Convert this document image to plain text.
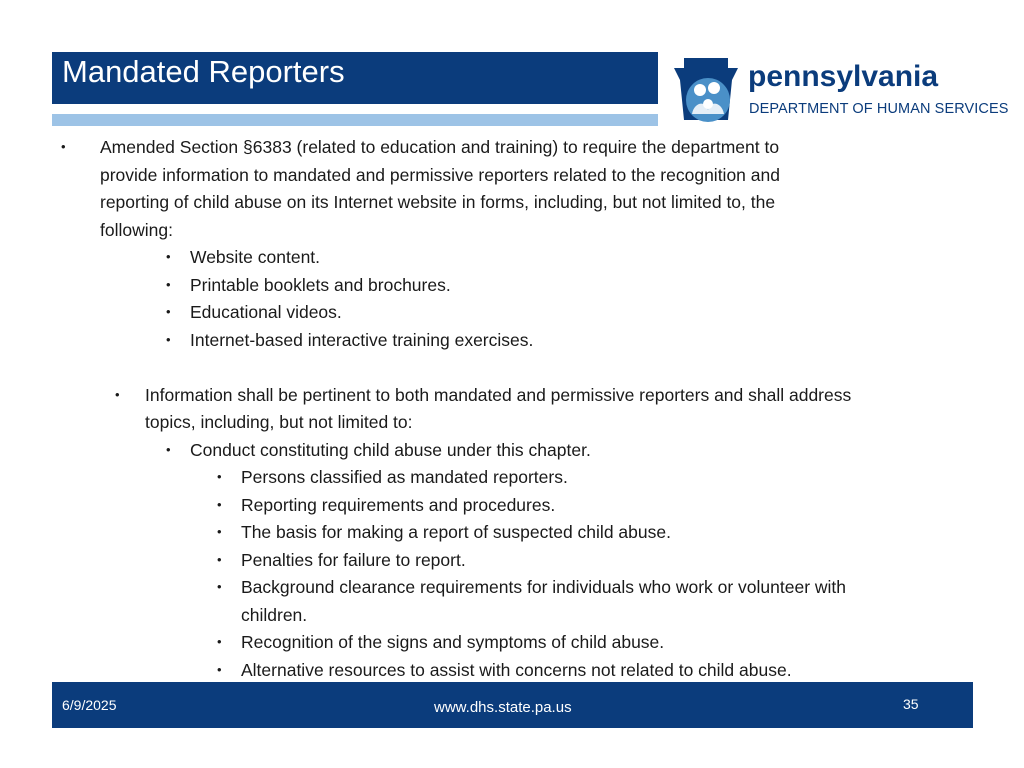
Mandated Reporters	pennsylvania
DEPARTMENT OF HUMAN SERVICES
• Amended Section §6383 (related to education and training) to require the department to
provide information to mandated and permissive reporters related to the recognition and
reporting of child abuse on its Internet website in forms, including, but not limited to, the
following:
• Website content.
• Printable booklets and brochures.
• Educational videos.
• Internet-based interactive training exercises.
• Information shall be pertinent to both mandated and permissive reporters and shall address
topics, including, but not limited to:
• Conduct constituting child abuse under this chapter.
• Persons classified as mandated reporters.
• Reporting requirements and procedures.
• The basis for making a report of suspected child abuse.
• Penalties for failure to report.
• Background clearance requirements for individuals who work or volunteer with
children.
• Recognition of the signs and symptoms of child abuse.
• Alternative resources to assist with concerns not related to child abuse.
6/9/2025	www.dhs.state.pa.us	35
